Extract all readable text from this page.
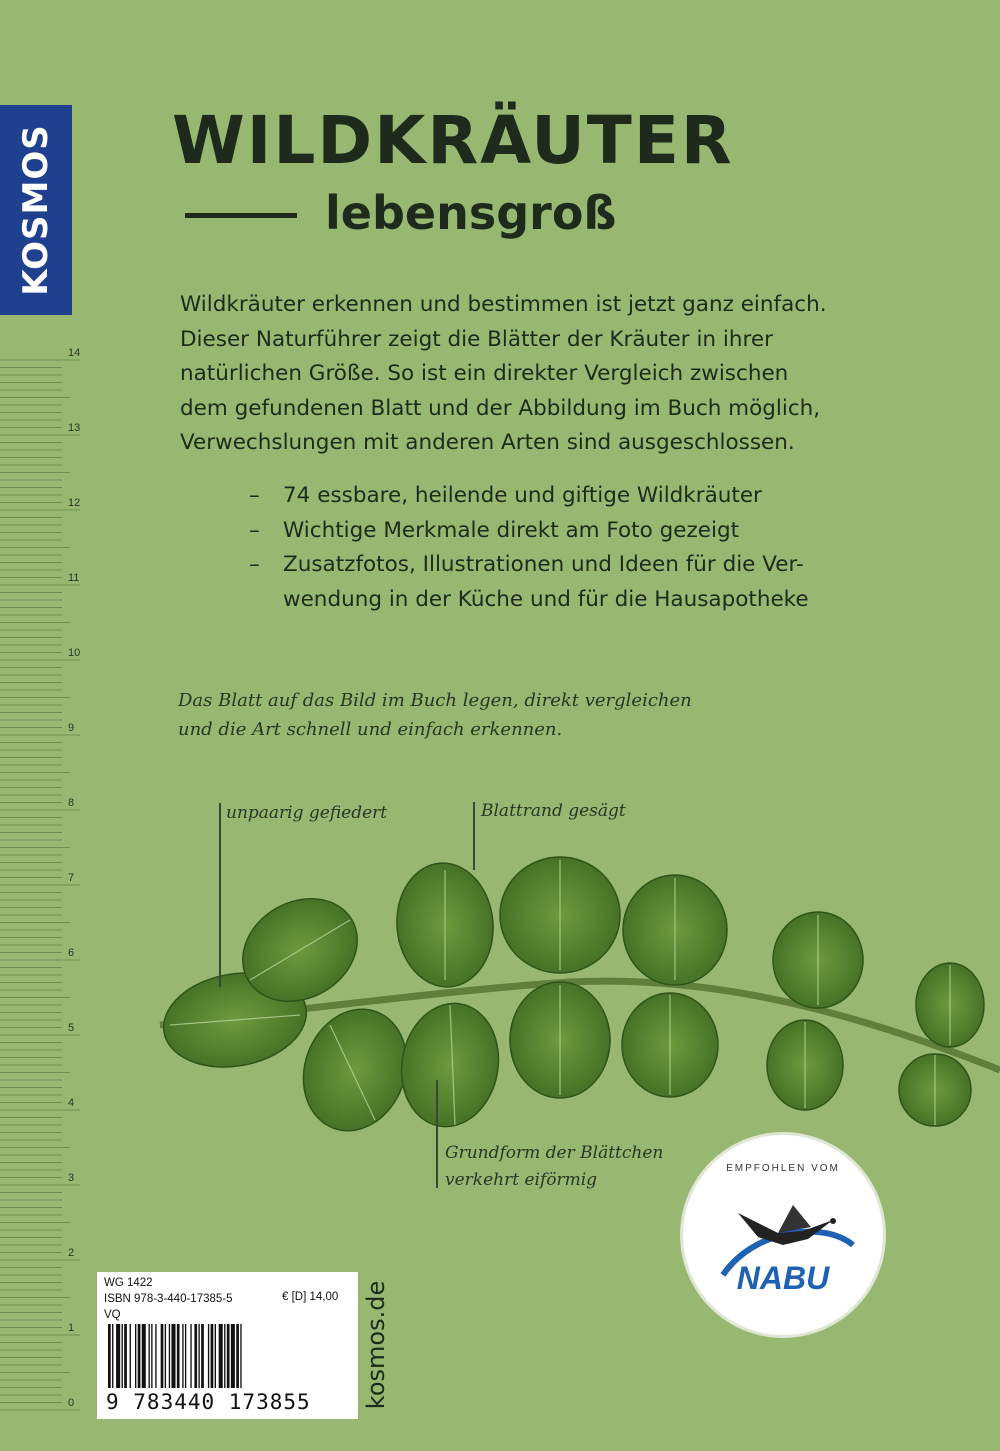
KOSMOS WILDKRÄUTER
lebensgroß
Wildkräuter erkennen und bestimmen ist jetzt ganz einfach.
Dieser Naturführer zeigt die Blätter der Kräuter in ihrer
natürlichen Größe. So ist ein direkter Vergleich zwischen
dem gefundenen Blatt und der Abbildung im Buch möglich,
Verwechslungen mit anderen Arten sind ausgeschlossen.
–	74 essbare, heilende und giftige Wildkräuter
–	Wichtige Merkmale direkt am Foto gezeigt
–	Zusatzfotos, Illustrationen und Ideen für die Ver-
wendung in der Küche und für die Hausapotheke
Das Blatt auf das Bild im Buch legen, direkt vergleichen
und die Art schnell und einfach erkennen.
14
13
12
11
10
9
8
7
6
5
4
3
2
1
0
unpaarig gefiedert	Blattrand gesägt
Grundform der Blättchen
verkehrt eiförmig
EMPFOHLEN VOM
NABU
WG 1422
ISBN 978-3-440-17385-5
VQ
€ [D] 14,00
9 783440 173855	kosmos.de
